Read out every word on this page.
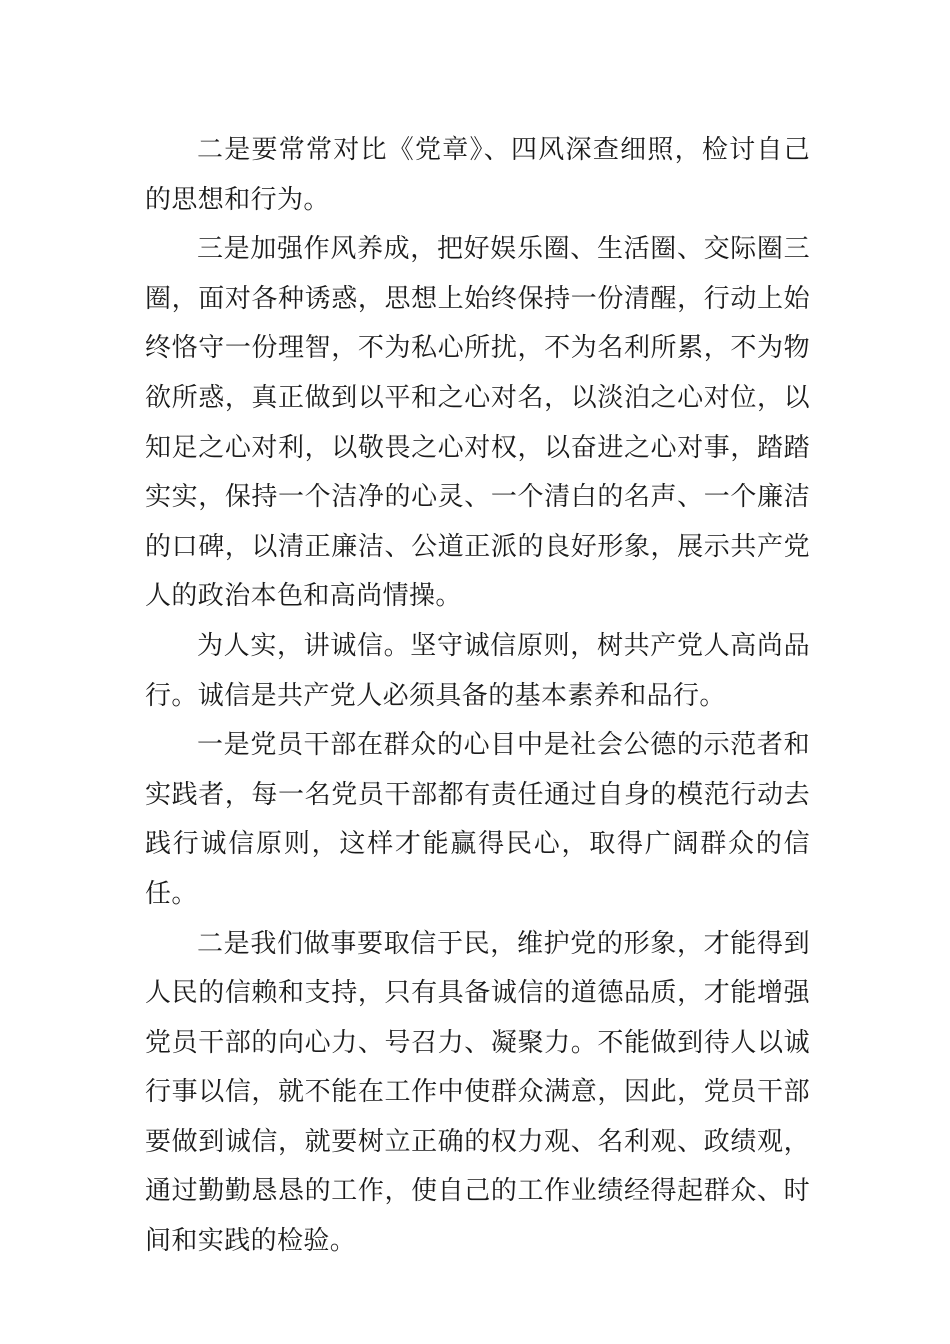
二是要常常对比《党章》、四风深查细照，检讨自己的思想和行为。

三是加强作风养成，把好娱乐圈、生活圈、交际圈三圈，面对各种诱惑，思想上始终保持一份清醒，行动上始终恪守一份理智，不为私心所扰，不为名利所累，不为物欲所惑，真正做到以平和之心对名，以淡泊之心对位，以知足之心对利，以敬畏之心对权，以奋进之心对事，踏踏实实，保持一个洁净的心灵、一个清白的名声、一个廉洁的口碑，以清正廉洁、公道正派的良好形象，展示共产党人的政治本色和高尚情操。

为人实，讲诚信。坚守诚信原则，树共产党人高尚品行。诚信是共产党人必须具备的基本素养和品行。

一是党员干部在群众的心目中是社会公德的示范者和实践者，每一名党员干部都有责任通过自身的模范行动去践行诚信原则，这样才能赢得民心，取得广阔群众的信任。

二是我们做事要取信于民，维护党的形象，才能得到人民的信赖和支持，只有具备诚信的道德品质，才能增强党员干部的向心力、号召力、凝聚力。不能做到待人以诚行事以信，就不能在工作中使群众满意，因此，党员干部要做到诚信，就要树立正确的权力观、名利观、政绩观，通过勤勤恳恳的工作，使自己的工作业绩经得起群众、时间和实践的检验。
